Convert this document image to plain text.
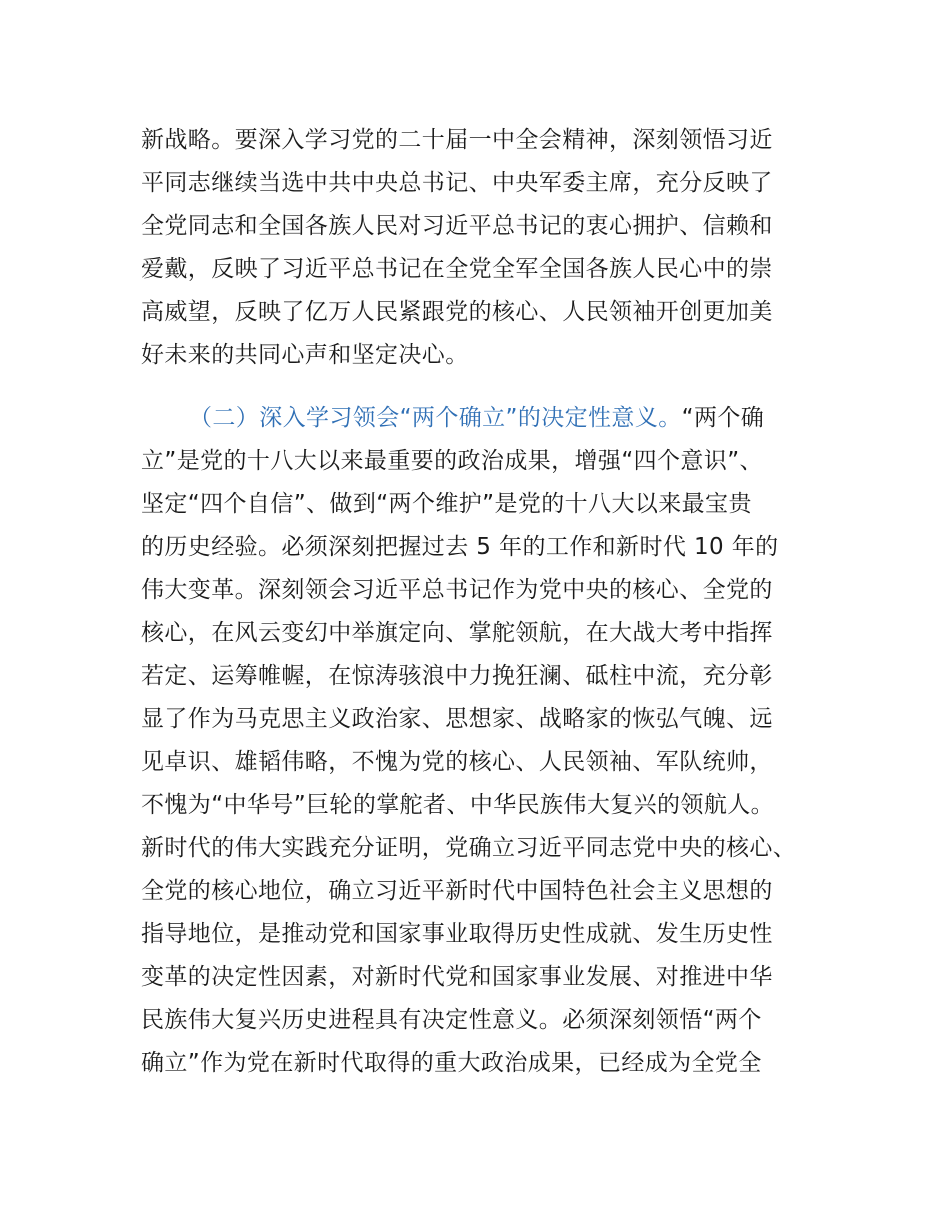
新战略。要深入学习党的二十届一中全会精神，深刻领悟习近
平同志继续当选中共中央总书记、中央军委主席，充分反映了
全党同志和全国各族人民对习近平总书记的衷心拥护、信赖和
爱戴，反映了习近平总书记在全党全军全国各族人民心中的崇
高威望，反映了亿万人民紧跟党的核心、人民领袖开创更加美
好未来的共同心声和坚定决心。
（二）深入学习领会“两个确立”的决定性意义。“两个确
立”是党的十八大以来最重要的政治成果，增强“四个意识”、
坚定“四个自信”、做到“两个维护”是党的十八大以来最宝贵
的历史经验。必须深刻把握过去 5 年的工作和新时代 10 年的
伟大变革。深刻领会习近平总书记作为党中央的核心、全党的
核心，在风云变幻中举旗定向、掌舵领航，在大战大考中指挥
若定、运筹帷幄，在惊涛骇浪中力挽狂澜、砥柱中流，充分彰
显了作为马克思主义政治家、思想家、战略家的恢弘气魄、远
见卓识、雄韬伟略，不愧为党的核心、人民领袖、军队统帅，
不愧为“中华号”巨轮的掌舵者、中华民族伟大复兴的领航人。
新时代的伟大实践充分证明，党确立习近平同志党中央的核心、
全党的核心地位，确立习近平新时代中国特色社会主义思想的
指导地位，是推动党和国家事业取得历史性成就、发生历史性
变革的决定性因素，对新时代党和国家事业发展、对推进中华
民族伟大复兴历史进程具有决定性意义。必须深刻领悟“两个
确立”作为党在新时代取得的重大政治成果，已经成为全党全
